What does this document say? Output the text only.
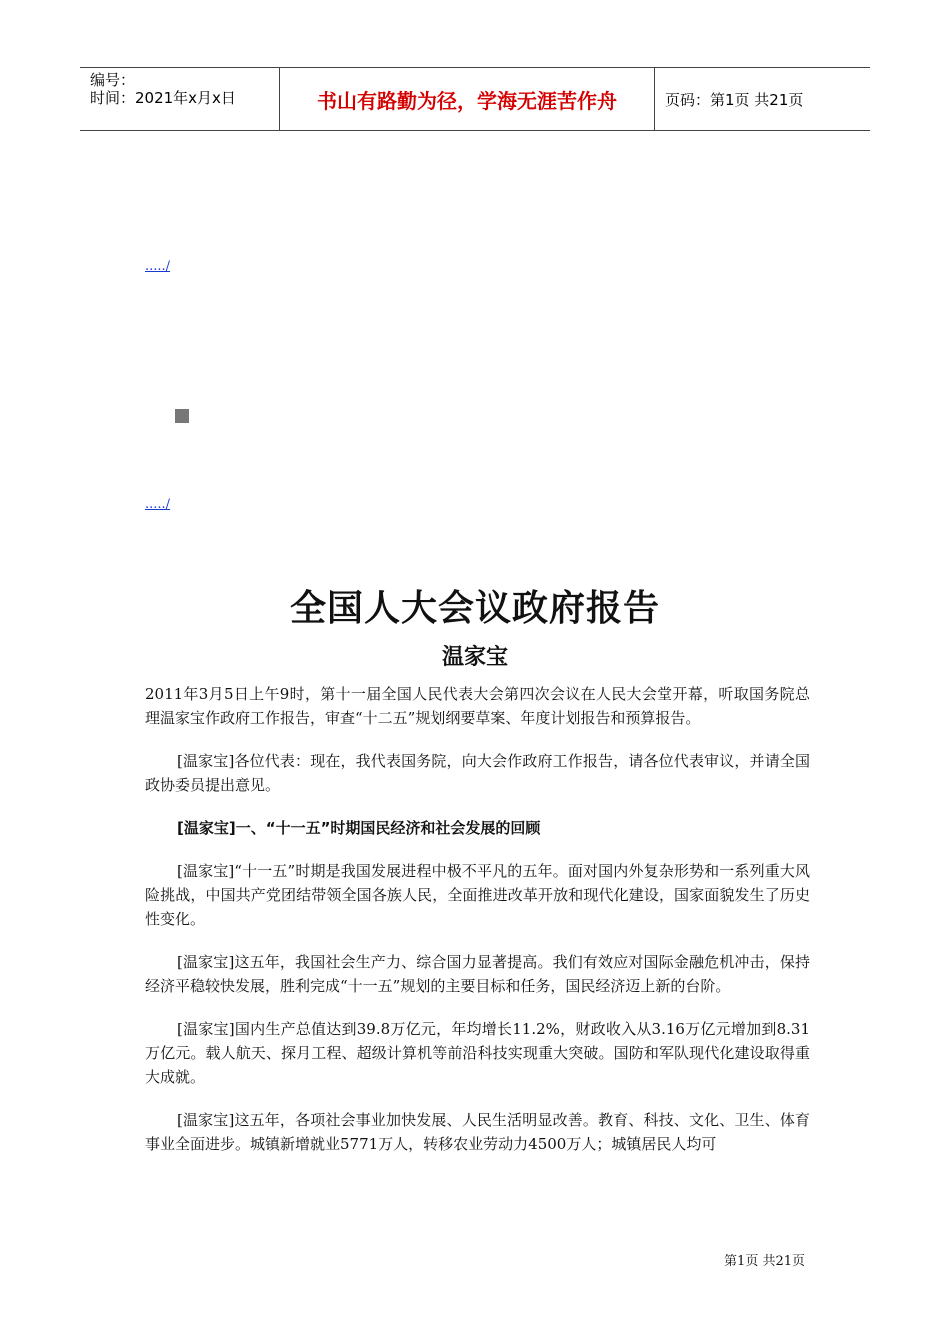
编号：
时间：2021年x月x日	书山有路勤为径，学海无涯苦作舟	页码：第1页 共21页
...../
...../
全国人大会议政府报告
温家宝

2011年3月5日上午9时，第十一届全国人民代表大会第四次会议在人民大会堂开幕，听取国务院总理温家宝作政府工作报告，审查“十二五”规划纲要草案、年度计划报告和预算报告。

[温家宝]各位代表：现在，我代表国务院，向大会作政府工作报告，请各位代表审议，并请全国政协委员提出意见。

[温家宝]一、“十一五”时期国民经济和社会发展的回顾

[温家宝]“十一五”时期是我国发展进程中极不平凡的五年。面对国内外复杂形势和一系列重大风险挑战，中国共产党团结带领全国各族人民，全面推进改革开放和现代化建设，国家面貌发生了历史性变化。

[温家宝]这五年，我国社会生产力、综合国力显著提高。我们有效应对国际金融危机冲击，保持经济平稳较快发展，胜利完成“十一五”规划的主要目标和任务，国民经济迈上新的台阶。

[温家宝]国内生产总值达到39.8万亿元，年均增长11.2%，财政收入从3.16万亿元增加到8.31万亿元。载人航天、探月工程、超级计算机等前沿科技实现重大突破。国防和军队现代化建设取得重大成就。

[温家宝]这五年，各项社会事业加快发展、人民生活明显改善。教育、科技、文化、卫生、体育事业全面进步。城镇新增就业5771万人，转移农业劳动力4500万人；城镇居民人均可

第1页 共21页
